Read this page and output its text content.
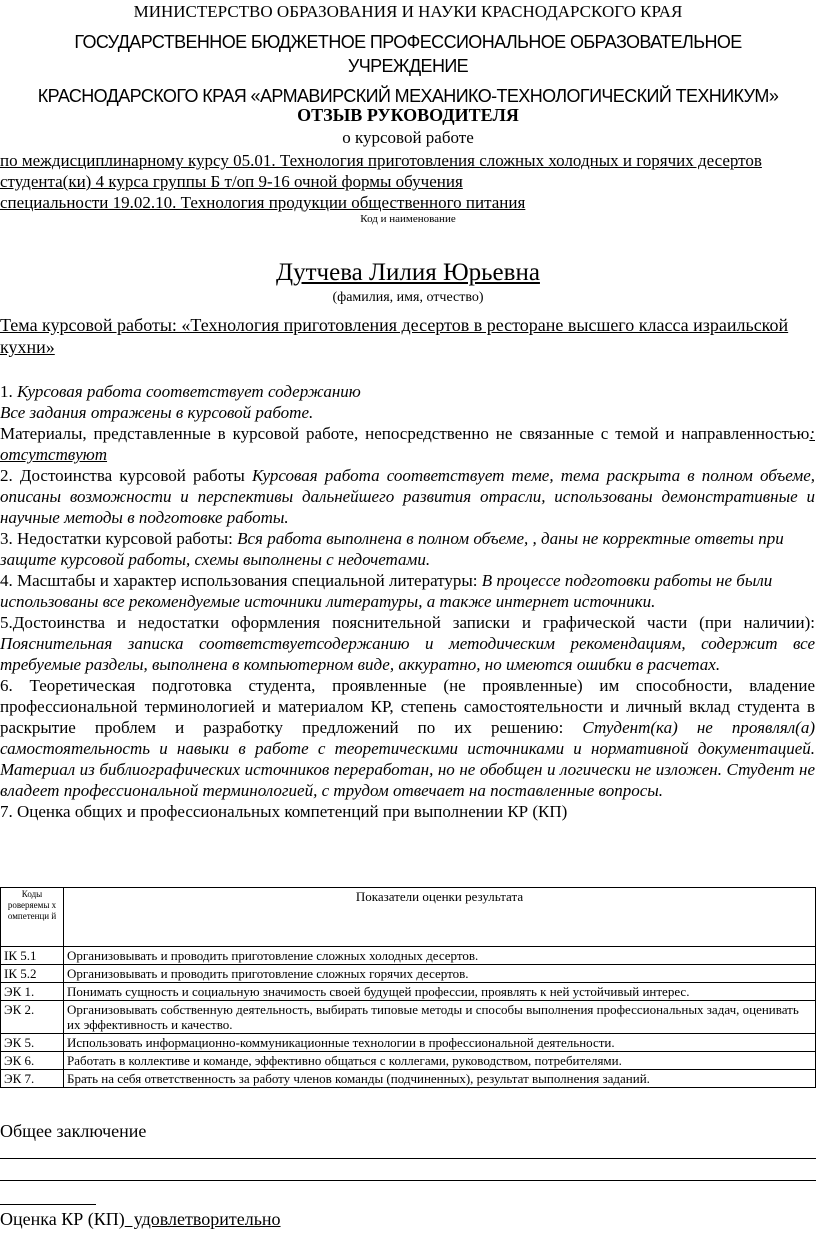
МИНИСТЕРСТВО ОБРАЗОВАНИЯ И НАУКИ КРАСНОДАРСКОГО КРАЯ
ГОСУДАРСТВЕННОЕ БЮДЖЕТНОЕ ПРОФЕССИОНАЛЬНОЕ ОБРАЗОВАТЕЛЬНОЕ
УЧРЕЖДЕНИЕ
КРАСНОДАРСКОГО КРАЯ «АРМАВИРСКИЙ МЕХАНИКО-ТЕХНОЛОГИЧЕСКИЙ ТЕХНИКУМ»
ОТЗЫВ РУКОВОДИТЕЛЯ
о курсовой работе

по междисциплинарному курсу 05.01. Технология приготовления сложных холодных и горячих десертов

студента(ки) 4 курса группы Б т/оп 9-16 очной формы обучения

специальности 19.02.10. Технология продукции общественного питания

Код и наименование
Дутчева Лилия Юрьевна
(фамилия, имя, отчество)

Тема курсовой работы: «Технология приготовления десертов в ресторане высшего класса израильской кухни»

1. Курсовая работа соответствует содержанию

Все задания отражены в курсовой работе.

Материалы, представленные в курсовой работе, непосредственно не связанные с темой и направленностью: отсутствуют

2. Достоинства курсовой работы Курсовая работа соответствует теме, тема раскрыта в полном объеме, описаны возможности и перспективы дальнейшего развития отрасли, использованы демонстративные и научные методы в подготовке работы.

3. Недостатки курсовой работы: Вся работа выполнена в полном объеме, , даны не корректные ответы при защите курсовой работы, схемы выполнены с недочетами.

4. Масштабы и характер использования специальной литературы: В процессе подготовки работы не были использованы все рекомендуемые источники литературы, а также интернет источники.

5.Достоинства и недостатки оформления пояснительной записки и графической части (при наличии): Пояснительная записка соответствуетсодержанию и методическим рекомендациям, содержит все требуемые разделы, выполнена в компьютерном виде, аккуратно, но имеются ошибки в расчетах.

6. Теоретическая подготовка студента, проявленные (не проявленные) им способности, владение профессиональной терминологией и материалом КР, степень самостоятельности и личный вклад студента в раскрытие проблем и разработку предложений по их решению: Студент(ка) не проявлял(а) самостоятельность и навыки в работе с теоретическими источниками и нормативной документацией. Материал из библиографических источников переработан, но не обобщен и логически не изложен. Студент не владеет профессиональной терминологией, с трудом отвечает на поставленные вопросы.

7. Оценка общих и профессиональных компетенций при выполнении КР (КП)

Коды роверяемы х омпетенци й	Показатели оценки результата
ІК 5.1	Организовывать и проводить приготовление сложных холодных десертов.
ІК 5.2	Организовывать и проводить приготовление сложных горячих десертов.
ЭК 1.	Понимать сущность и социальную значимость своей будущей профессии, проявлять к ней устойчивый интерес.
ЭК 2.	Организовывать собственную деятельность, выбирать типовые методы и способы выполнения профессиональных задач, оценивать их эффективность и качество.
ЭК 5.	Использовать информационно-коммуникационные технологии в профессиональной деятельности.
ЭК 6.	Работать в коллективе и команде, эффективно общаться с коллегами, руководством, потребителями.
ЭК 7.	Брать на себя ответственность за работу членов команды (подчиненных), результат выполнения заданий.
Общее заключение
Оценка КР (КП)  удовлетворительно
